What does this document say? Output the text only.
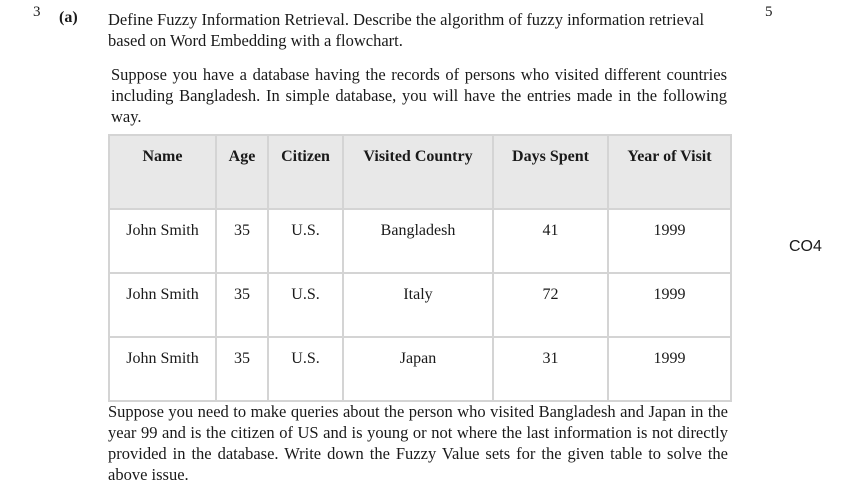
3 (a)	5
CO4

Define Fuzzy Information Retrieval. Describe the algorithm of fuzzy information retrieval based on Word Embedding with a flowchart.

Suppose you have a database having the records of persons who visited different countries including Bangladesh. In simple database, you will have the entries made in the following way.

Name	Age	Citizen	Visited Country	Days Spent	Year of Visit
John Smith	35	U.S.	Bangladesh	41	1999
John Smith	35	U.S.	Italy	72	1999
John Smith	35	U.S.	Japan	31	1999

Suppose you need to make queries about the person who visited Bangladesh and Japan in the year 99 and is the citizen of US and is young or not where the last information is not directly provided in the database. Write down the Fuzzy Value sets for the given table to solve the above issue.
